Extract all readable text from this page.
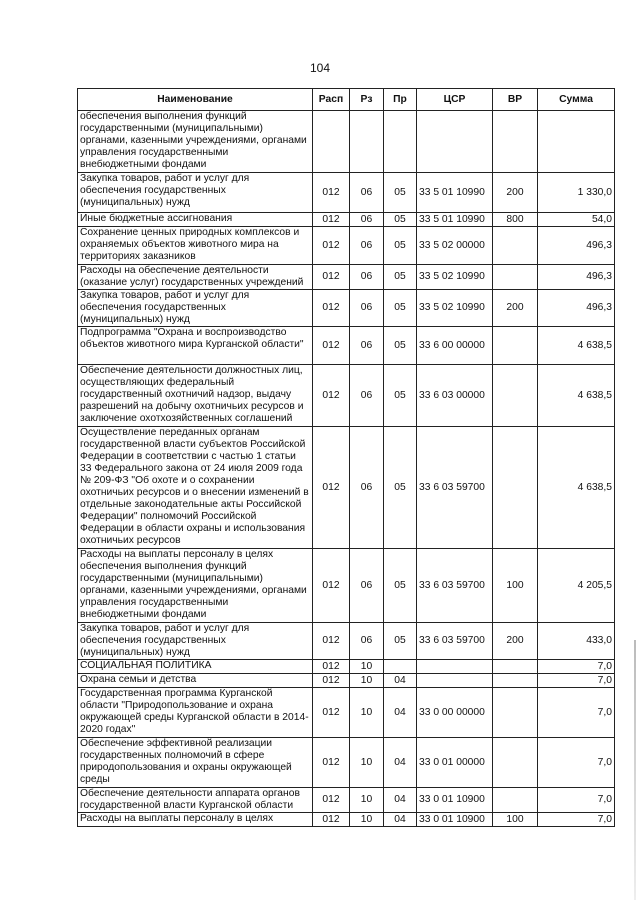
104
Наименование	Расп	Рз	Пр	ЦСР	ВР	Сумма
обеспечения выполнения функций государственными (муниципальными) органами, казенными учреждениями, органами управления государственными внебюджетными фондами						
Закупка товаров, работ и услуг для обеспечения государственных (муниципальных) нужд	012	06	05	33 5 01 10990	200	1 330,0
Иные бюджетные ассигнования	012	06	05	33 5 01 10990	800	54,0
Сохранение ценных природных комплексов и охраняемых объектов животного мира на территориях заказников	012	06	05	33 5 02 00000		496,3
Расходы на обеспечение деятельности (оказание услуг) государственных учреждений	012	06	05	33 5 02 10990		496,3
Закупка товаров, работ и услуг для обеспечения государственных (муниципальных) нужд	012	06	05	33 5 02 10990	200	496,3
Подпрограмма "Охрана и воспроизводство объектов животного мира Курганской области"	012	06	05	33 6 00 00000		4 638,5
Обеспечение деятельности должностных лиц, осуществляющих федеральный государственный охотничий надзор, выдачу разрешений на добычу охотничьих ресурсов и заключение охотхозяйственных соглашений	012	06	05	33 6 03 00000		4 638,5
Осуществление переданных органам государственной власти субъектов Российской Федерации в соответствии с частью 1 статьи 33 Федерального закона от 24 июля 2009 года № 209-ФЗ "Об охоте и о сохранении охотничьих ресурсов и о внесении изменений в отдельные законодательные акты Российской Федерации" полномочий Российской Федерации в области охраны и использования охотничьих ресурсов	012	06	05	33 6 03 59700		4 638,5
Расходы на выплаты персоналу в целях обеспечения выполнения функций государственными (муниципальными) органами, казенными учреждениями, органами управления государственными внебюджетными фондами	012	06	05	33 6 03 59700	100	4 205,5
Закупка товаров, работ и услуг для обеспечения государственных (муниципальных) нужд	012	06	05	33 6 03 59700	200	433,0
СОЦИАЛЬНАЯ ПОЛИТИКА	012	10				7,0
Охрана семьи и детства	012	10	04			7,0
Государственная программа Курганской области "Природопользование и охрана окружающей среды Курганской области в 2014-2020 годах"	012	10	04	33 0 00 00000		7,0
Обеспечение эффективной реализации государственных полномочий в сфере природопользования и охраны окружающей среды	012	10	04	33 0 01 00000		7,0
Обеспечение деятельности аппарата органов государственной власти Курганской области	012	10	04	33 0 01 10900		7,0
Расходы на выплаты персоналу в целях	012	10	04	33 0 01 10900	100	7,0
